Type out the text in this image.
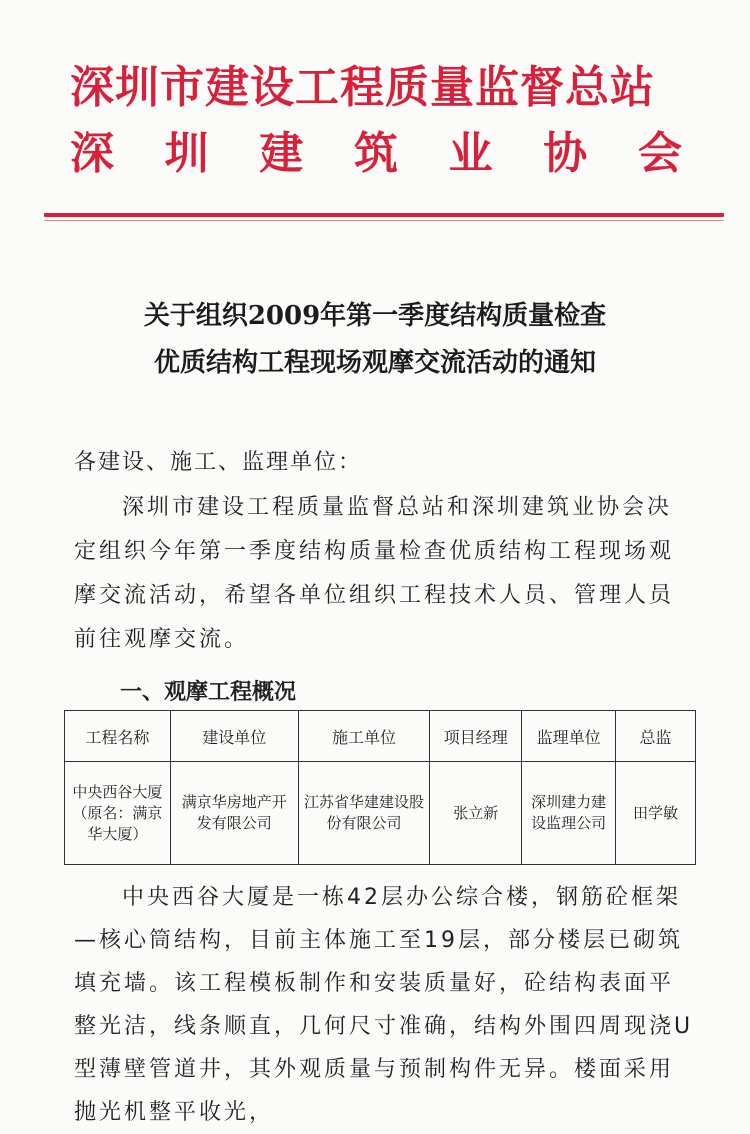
深圳市建设工程质量监督总站
深 圳 建 筑 业 协 会
关于组织2009年第一季度结构质量检查
优质结构工程现场观摩交流活动的通知
各建设、施工、监理单位：
深圳市建设工程质量监督总站和深圳建筑业协会决定组织今年第一季度结构质量检查优质结构工程现场观摩交流活动，希望各单位组织工程技术人员、管理人员前往观摩交流。
一、观摩工程概况
工程名称	建设单位	施工单位	项目经理	监理单位	总监
中央西谷大厦（原名：满京华大厦）	满京华房地产开发有限公司	江苏省华建建设股份有限公司	张立新	深圳建力建设监理公司	田学敏
中央西谷大厦是一栋42层办公综合楼，钢筋砼框架—核心筒结构，目前主体施工至19层，部分楼层已砌筑填充墙。该工程模板制作和安装质量好，砼结构表面平整光洁，线条顺直，几何尺寸准确，结构外围四周现浇U型薄壁管道井，其外观质量与预制构件无异。楼面采用抛光机整平收光，
